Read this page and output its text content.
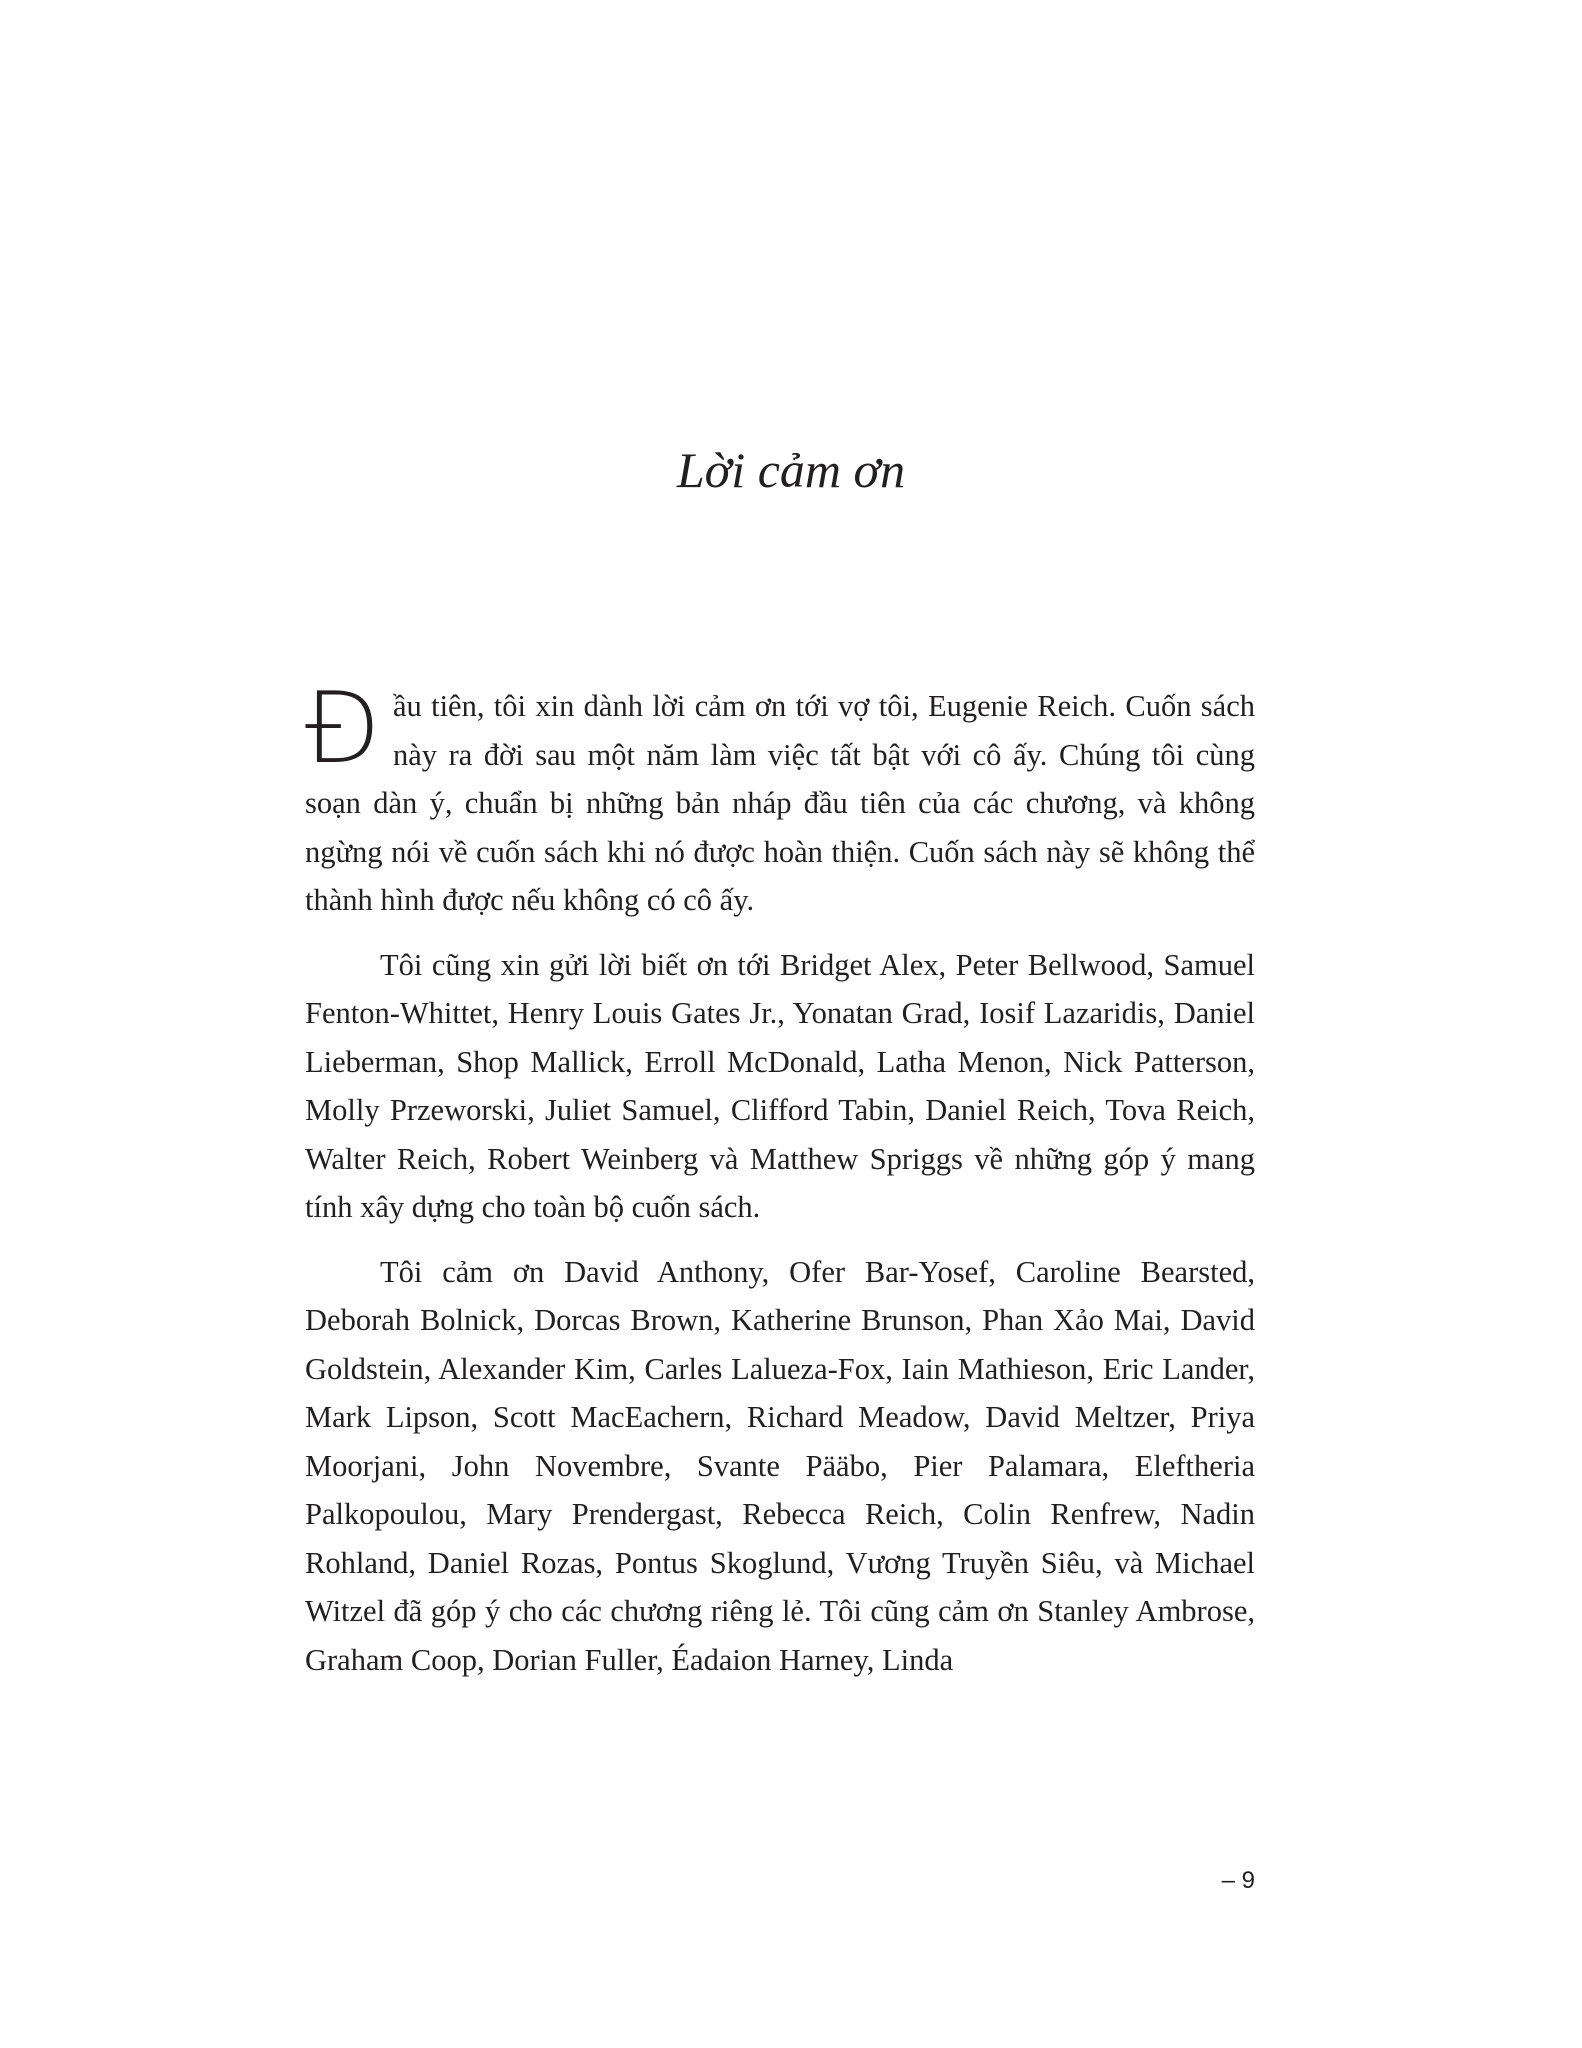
Lời cảm ơn

Đầu tiên, tôi xin dành lời cảm ơn tới vợ tôi, Eugenie Reich. Cuốn sách này ra đời sau một năm làm việc tất bật với cô ấy. Chúng tôi cùng soạn dàn ý, chuẩn bị những bản nháp đầu tiên của các chương, và không ngừng nói về cuốn sách khi nó được hoàn thiện. Cuốn sách này sẽ không thể thành hình được nếu không có cô ấy.

Tôi cũng xin gửi lời biết ơn tới Bridget Alex, Peter Bellwood, Samuel Fenton-Whittet, Henry Louis Gates Jr., Yonatan Grad, Iosif Lazaridis, Daniel Lieberman, Shop Mallick, Erroll McDonald, Latha Menon, Nick Patterson, Molly Przeworski, Juliet Samuel, Clifford Tabin, Daniel Reich, Tova Reich, Walter Reich, Robert Weinberg và Matthew Spriggs về những góp ý mang tính xây dựng cho toàn bộ cuốn sách.

Tôi cảm ơn David Anthony, Ofer Bar-Yosef, Caroline Bearsted, Deborah Bolnick, Dorcas Brown, Katherine Brunson, Phan Xảo Mai, David Goldstein, Alexander Kim, Carles Lalueza-Fox, Iain Mathieson, Eric Lander, Mark Lipson, Scott MacEachern, Richard Meadow, David Meltzer, Priya Moorjani, John Novembre, Svante Pääbo, Pier Palamara, Eleftheria Palkopoulou, Mary Prendergast, Rebecca Reich, Colin Renfrew, Nadin Rohland, Daniel Rozas, Pontus Skoglund, Vương Truyền Siêu, và Michael Witzel đã góp ý cho các chương riêng lẻ. Tôi cũng cảm ơn Stanley Ambrose, Graham Coop, Dorian Fuller, Éadaion Harney, Linda

– 9
